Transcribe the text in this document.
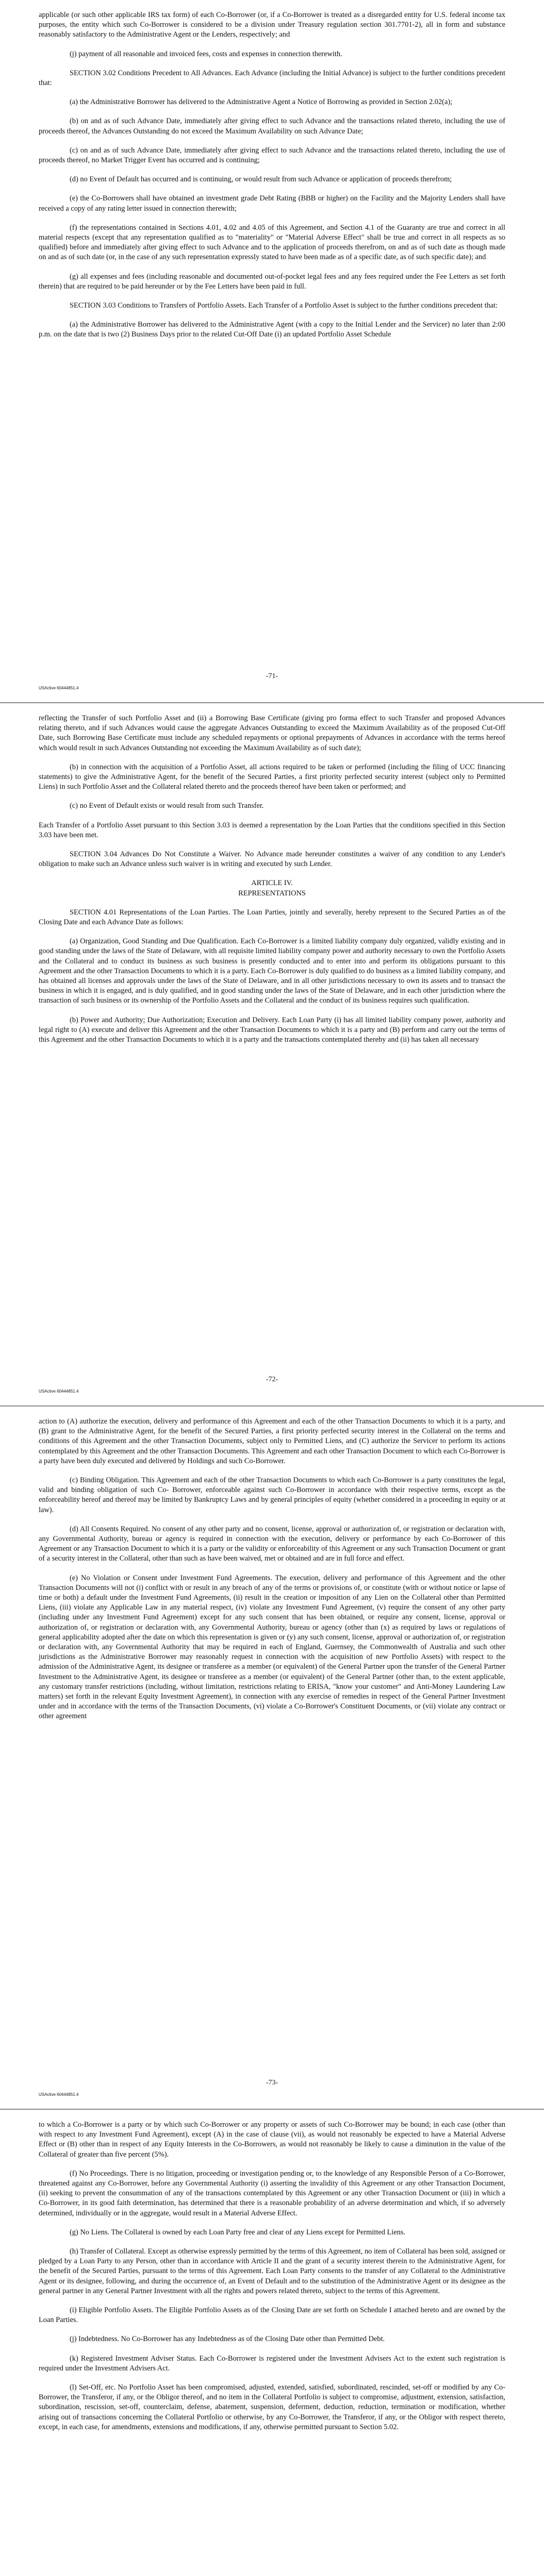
applicable (or such other applicable IRS tax form) of each Co-Borrower (or, if a Co-Borrower is treated as a disregarded entity for U.S. federal income tax purposes, the entity which such Co-Borrower is considered to be a division under Treasury regulation section 301.7701-2), all in form and substance reasonably satisfactory to the Administrative Agent or the Lenders, respectively; and

(j) payment of all reasonable and invoiced fees, costs and expenses in connection therewith.

SECTION 3.02 Conditions Precedent to All Advances. Each Advance (including the Initial Advance) is subject to the further conditions precedent that:

(a) the Administrative Borrower has delivered to the Administrative Agent a Notice of Borrowing as provided in Section 2.02(a);

(b) on and as of such Advance Date, immediately after giving effect to such Advance and the transactions related thereto, including the use of proceeds thereof, the Advances Outstanding do not exceed the Maximum Availability on such Advance Date;

(c) on and as of such Advance Date, immediately after giving effect to such Advance and the transactions related thereto, including the use of proceeds thereof, no Market Trigger Event has occurred and is continuing;

(d) no Event of Default has occurred and is continuing, or would result from such Advance or application of proceeds therefrom;

(e) the Co-Borrowers shall have obtained an investment grade Debt Rating (BBB or higher) on the Facility and the Majority Lenders shall have received a copy of any rating letter issued in connection therewith;

(f) the representations contained in Sections 4.01, 4.02 and 4.05 of this Agreement, and Section 4.1 of the Guaranty are true and correct in all material respects (except that any representation qualified as to "materiality" or "Material Adverse Effect" shall be true and correct in all respects as so qualified) before and immediately after giving effect to such Advance and to the application of proceeds therefrom, on and as of such date as though made on and as of such date (or, in the case of any such representation expressly stated to have been made as of a specific date, as of such specific date); and

(g) all expenses and fees (including reasonable and documented out-of-pocket legal fees and any fees required under the Fee Letters as set forth therein) that are required to be paid hereunder or by the Fee Letters have been paid in full.

SECTION 3.03 Conditions to Transfers of Portfolio Assets. Each Transfer of a Portfolio Asset is subject to the further conditions precedent that:

(a) the Administrative Borrower has delivered to the Administrative Agent (with a copy to the Initial Lender and the Servicer) no later than 2:00 p.m. on the date that is two (2) Business Days prior to the related Cut-Off Date (i) an updated Portfolio Asset Schedule

-71-
USActive 60444851.4

reflecting the Transfer of such Portfolio Asset and (ii) a Borrowing Base Certificate (giving pro forma effect to such Transfer and proposed Advances relating thereto, and if such Advances would cause the aggregate Advances Outstanding to exceed the Maximum Availability as of the proposed Cut-Off Date, such Borrowing Base Certificate must include any scheduled repayments or optional prepayments of Advances in accordance with the terms hereof which would result in such Advances Outstanding not exceeding the Maximum Availability as of such date);

(b) in connection with the acquisition of a Portfolio Asset, all actions required to be taken or performed (including the filing of UCC financing statements) to give the Administrative Agent, for the benefit of the Secured Parties, a first priority perfected security interest (subject only to Permitted Liens) in such Portfolio Asset and the Collateral related thereto and the proceeds thereof have been taken or performed; and

(c) no Event of Default exists or would result from such Transfer.

Each Transfer of a Portfolio Asset pursuant to this Section 3.03 is deemed a representation by the Loan Parties that the conditions specified in this Section 3.03 have been met.

SECTION 3.04 Advances Do Not Constitute a Waiver. No Advance made hereunder constitutes a waiver of any condition to any Lender's obligation to make such an Advance unless such waiver is in writing and executed by such Lender.

ARTICLE IV.
REPRESENTATIONS

SECTION 4.01 Representations of the Loan Parties. The Loan Parties, jointly and severally, hereby represent to the Secured Parties as of the Closing Date and each Advance Date as follows:

(a) Organization, Good Standing and Due Qualification. Each Co-Borrower is a limited liability company duly organized, validly existing and in good standing under the laws of the State of Delaware, with all requisite limited liability company power and authority necessary to own the Portfolio Assets and the Collateral and to conduct its business as such business is presently conducted and to enter into and perform its obligations pursuant to this Agreement and the other Transaction Documents to which it is a party. Each Co-Borrower is duly qualified to do business as a limited liability company, and has obtained all licenses and approvals under the laws of the State of Delaware, and in all other jurisdictions necessary to own its assets and to transact the business in which it is engaged, and is duly qualified, and in good standing under the laws of the State of Delaware, and in each other jurisdiction where the transaction of such business or its ownership of the Portfolio Assets and the Collateral and the conduct of its business requires such qualification.

(b) Power and Authority; Due Authorization; Execution and Delivery. Each Loan Party (i) has all limited liability company power, authority and legal right to (A) execute and deliver this Agreement and the other Transaction Documents to which it is a party and (B) perform and carry out the terms of this Agreement and the other Transaction Documents to which it is a party and the transactions contemplated thereby and (ii) has taken all necessary

-72-
USActive 60444851.4

action to (A) authorize the execution, delivery and performance of this Agreement and each of the other Transaction Documents to which it is a party, and (B) grant to the Administrative Agent, for the benefit of the Secured Parties, a first priority perfected security interest in the Collateral on the terms and conditions of this Agreement and the other Transaction Documents, subject only to Permitted Liens, and (C) authorize the Servicer to perform its actions contemplated by this Agreement and the other Transaction Documents. This Agreement and each other Transaction Document to which each Co-Borrower is a party have been duly executed and delivered by Holdings and such Co-Borrower.

(c) Binding Obligation. This Agreement and each of the other Transaction Documents to which each Co-Borrower is a party constitutes the legal, valid and binding obligation of such Co- Borrower, enforceable against such Co-Borrower in accordance with their respective terms, except as the enforceability hereof and thereof may be limited by Bankruptcy Laws and by general principles of equity (whether considered in a proceeding in equity or at law).

(d) All Consents Required. No consent of any other party and no consent, license, approval or authorization of, or registration or declaration with, any Governmental Authority, bureau or agency is required in connection with the execution, delivery or performance by each Co-Borrower of this Agreement or any Transaction Document to which it is a party or the validity or enforceability of this Agreement or any such Transaction Document or grant of a security interest in the Collateral, other than such as have been waived, met or obtained and are in full force and effect.

(e) No Violation or Consent under Investment Fund Agreements. The execution, delivery and performance of this Agreement and the other Transaction Documents will not (i) conflict with or result in any breach of any of the terms or provisions of, or constitute (with or without notice or lapse of time or both) a default under the Investment Fund Agreements, (ii) result in the creation or imposition of any Lien on the Collateral other than Permitted Liens, (iii) violate any Applicable Law in any material respect, (iv) violate any Investment Fund Agreement, (v) require the consent of any other party (including under any Investment Fund Agreement) except for any such consent that has been obtained, or require any consent, license, approval or authorization of, or registration or declaration with, any Governmental Authority, bureau or agency (other than (x) as required by laws or regulations of general applicability adopted after the date on which this representation is given or (y) any such consent, license, approval or authorization of, or registration or declaration with, any Governmental Authority that may be required in each of England, Guernsey, the Commonwealth of Australia and such other jurisdictions as the Administrative Borrower may reasonably request in connection with the acquisition of new Portfolio Assets) with respect to the admission of the Administrative Agent, its designee or transferee as a member (or equivalent) of the General Partner upon the transfer of the General Partner Investment to the Administrative Agent, its designee or transferee as a member (or equivalent) of the General Partner (other than, to the extent applicable, any customary transfer restrictions (including, without limitation, restrictions relating to ERISA, "know your customer" and Anti-Money Laundering Law matters) set forth in the relevant Equity Investment Agreement), in connection with any exercise of remedies in respect of the General Partner Investment under and in accordance with the terms of the Transaction Documents, (vi) violate a Co-Borrower's Constituent Documents, or (vii) violate any contract or other agreement

-73-
USActive 60444851.4

to which a Co-Borrower is a party or by which such Co-Borrower or any property or assets of such Co-Borrower may be bound; in each case (other than with respect to any Investment Fund Agreement), except (A) in the case of clause (vii), as would not reasonably be expected to have a Material Adverse Effect or (B) other than in respect of any Equity Interests in the Co-Borrowers, as would not reasonably be likely to cause a diminution in the value of the Collateral of greater than five percent (5%).

(f) No Proceedings. There is no litigation, proceeding or investigation pending or, to the knowledge of any Responsible Person of a Co-Borrower, threatened against any Co-Borrower, before any Governmental Authority (i) asserting the invalidity of this Agreement or any other Transaction Document, (ii) seeking to prevent the consummation of any of the transactions contemplated by this Agreement or any other Transaction Document or (iii) in which a Co-Borrower, in its good faith determination, has determined that there is a reasonable probability of an adverse determination and which, if so adversely determined, individually or in the aggregate, would result in a Material Adverse Effect.

(g) No Liens. The Collateral is owned by each Loan Party free and clear of any Liens except for Permitted Liens.

(h) Transfer of Collateral. Except as otherwise expressly permitted by the terms of this Agreement, no item of Collateral has been sold, assigned or pledged by a Loan Party to any Person, other than in accordance with Article II and the grant of a security interest therein to the Administrative Agent, for the benefit of the Secured Parties, pursuant to the terms of this Agreement. Each Loan Party consents to the transfer of any Collateral to the Administrative Agent or its designee, following, and during the occurrence of, an Event of Default and to the substitution of the Administrative Agent or its designee as the general partner in any General Partner Investment with all the rights and powers related thereto, subject to the terms of this Agreement.

(i) Eligible Portfolio Assets. The Eligible Portfolio Assets as of the Closing Date are set forth on Schedule I attached hereto and are owned by the Loan Parties.

(j) Indebtedness. No Co-Borrower has any Indebtedness as of the Closing Date other than Permitted Debt.

(k) Registered Investment Adviser Status. Each Co-Borrower is registered under the Investment Advisers Act to the extent such registration is required under the Investment Advisers Act.

(l) Set-Off, etc. No Portfolio Asset has been compromised, adjusted, extended, satisfied, subordinated, rescinded, set-off or modified by any Co-Borrower, the Transferor, if any, or the Obligor thereof, and no item in the Collateral Portfolio is subject to compromise, adjustment, extension, satisfaction, subordination, rescission, set-off, counterclaim, defense, abatement, suspension, deferment, deduction, reduction, termination or modification, whether arising out of transactions concerning the Collateral Portfolio or otherwise, by any Co-Borrower, the Transferor, if any, or the Obligor with respect thereto, except, in each case, for amendments, extensions and modifications, if any, otherwise permitted pursuant to Section 5.02.
